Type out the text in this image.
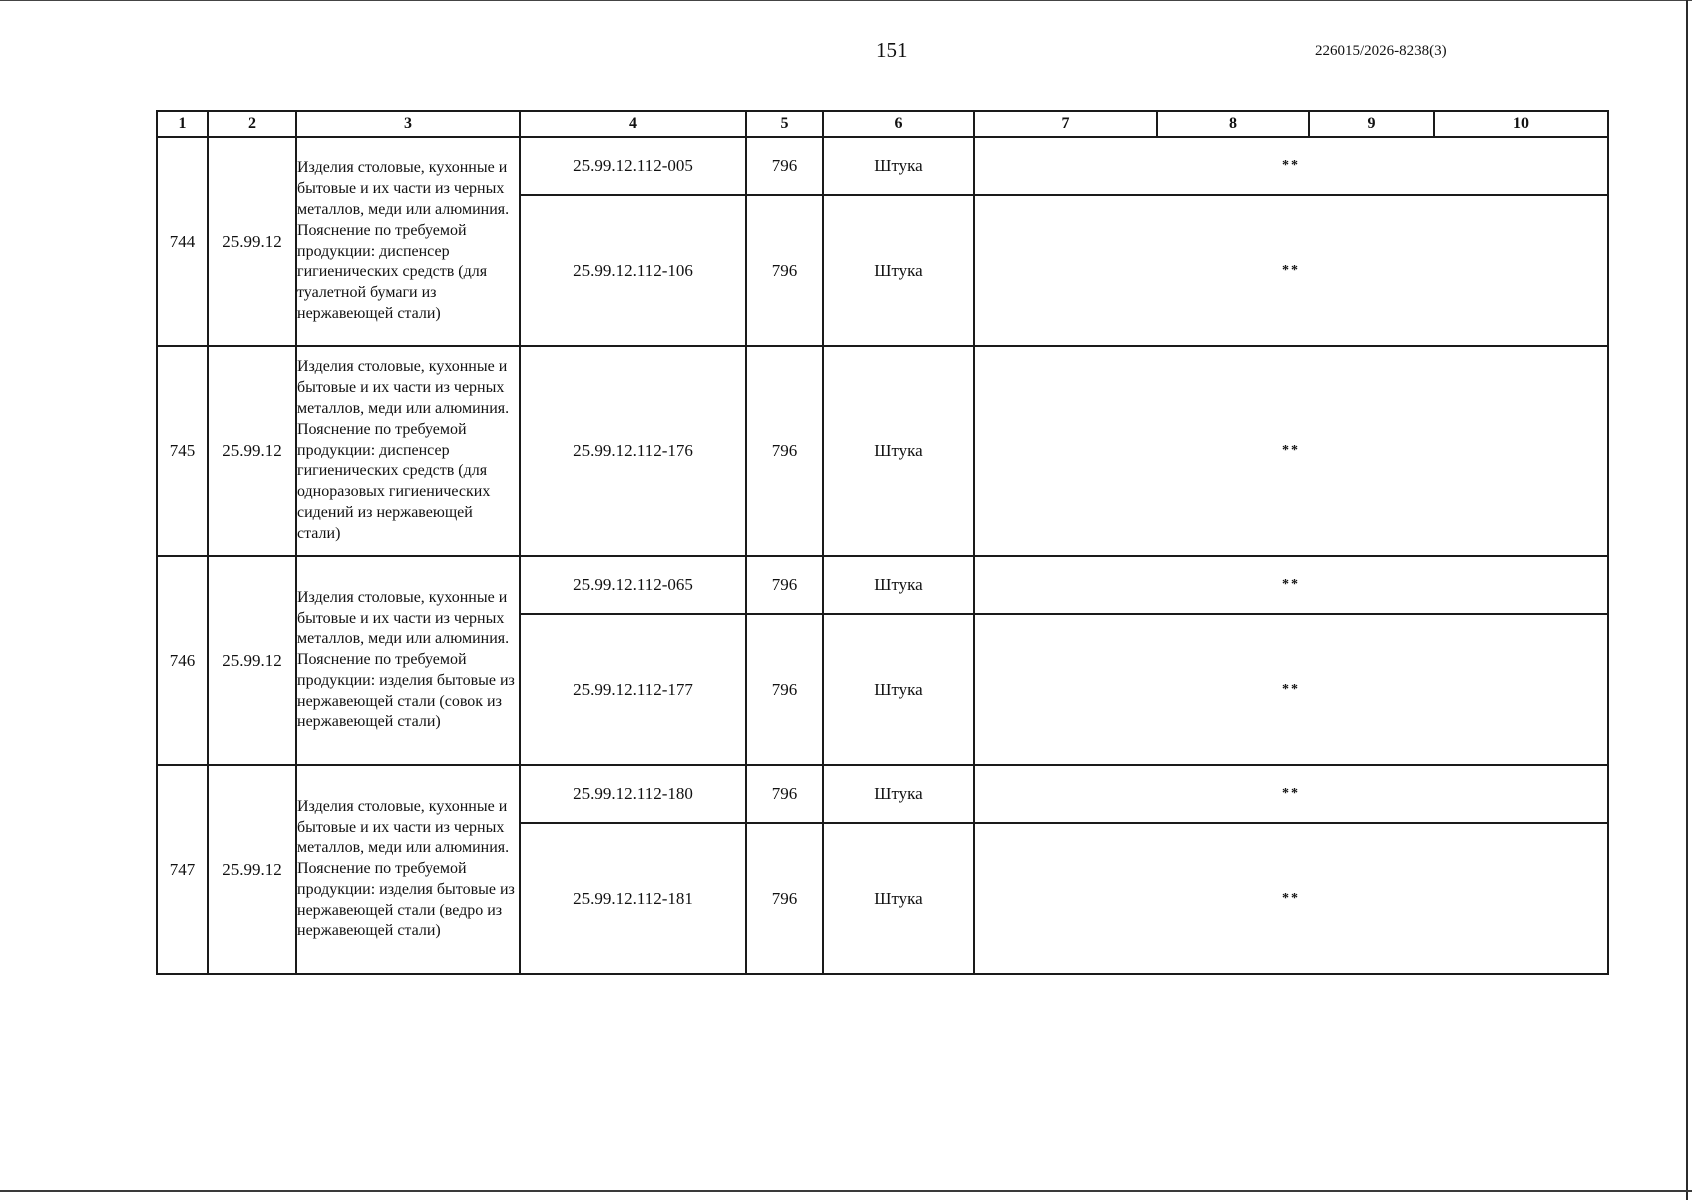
151	226015/2026-8238(3)
1	2	3	4	5	6	7	8	9	10
744	25.99.12	Изделия столовые, кухонные и бытовые и их части из черных металлов, меди или алюминия. Пояснение по требуемой продукции: диспенсер гигиенических средств (для туалетной бумаги из нержавеющей стали)	25.99.12.112-005	796	Штука	**			
			25.99.12.112-106	796	Штука	**			
745	25.99.12	Изделия столовые, кухонные и бытовые и их части из черных металлов, меди или алюминия. Пояснение по требуемой продукции: диспенсер гигиенических средств (для одноразовых гигиенических сидений из нержавеющей стали)	25.99.12.112-176	796	Штука	**			
746	25.99.12	Изделия столовые, кухонные и бытовые и их части из черных металлов, меди или алюминия. Пояснение по требуемой продукции: изделия бытовые из нержавеющей стали (совок из нержавеющей стали)	25.99.12.112-065	796	Штука	**			
			25.99.12.112-177	796	Штука	**			
747	25.99.12	Изделия столовые, кухонные и бытовые и их части из черных металлов, меди или алюминия. Пояснение по требуемой продукции: изделия бытовые из нержавеющей стали (ведро из нержавеющей стали)	25.99.12.112-180	796	Штука	**			
			25.99.12.112-181	796	Штука	**			
